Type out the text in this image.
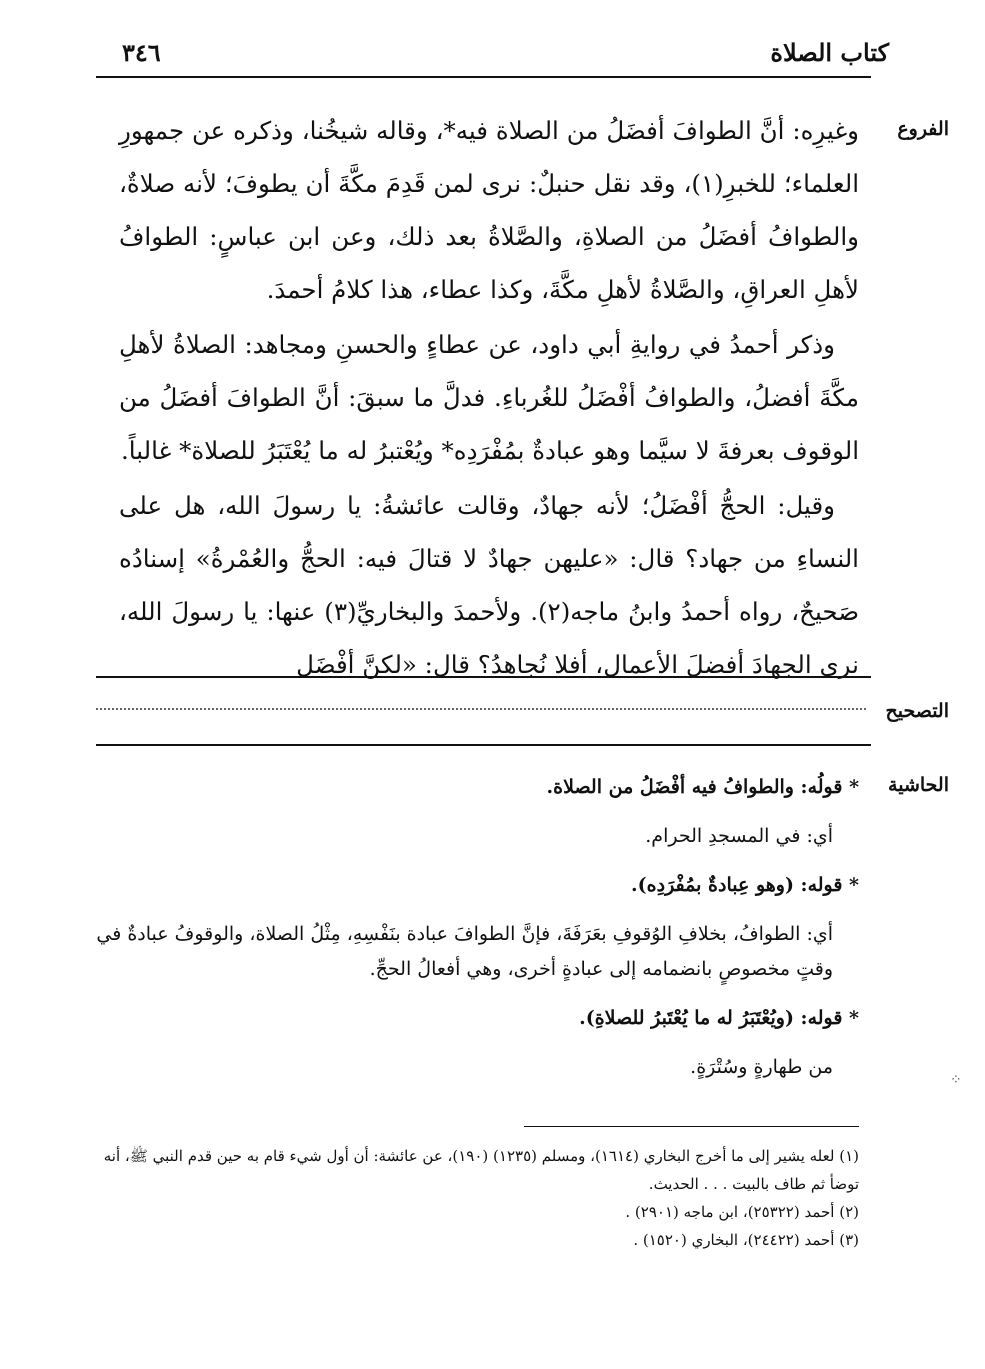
كتاب الصلاة
٣٤٦
الفروع

وغيرِه: أنَّ الطوافَ أفضَلُ من الصلاة فيه*، وقاله شيخُنا، وذكره عن جمهورِ العلماء؛ للخبرِ(١)، وقد نقل حنبلٌ: نرى لمن قَدِمَ مكَّةَ أن يطوفَ؛ لأنه صلاةٌ، والطوافُ أفضَلُ من الصلاةِ، والصَّلاةُ بعد ذلك، وعن ابن عباسٍ: الطوافُ لأهلِ العراقِ، والصَّلاةُ لأهلِ مكَّةَ، وكذا عطاء، هذا كلامُ أحمدَ.

وذكر أحمدُ في روايةِ أبي داود، عن عطاءٍ والحسنِ ومجاهد: الصلاةُ لأهلِ مكَّةَ أفضلُ، والطوافُ أفْضَلُ للغُرباءِ. فدلَّ ما سبقَ: أنَّ الطوافَ أفضَلُ من الوقوف بعرفةَ لا سيَّما وهو عبادةٌ بمُفْرَدِه* ويُعْتبرُ له ما يُعْتَبَرُ للصلاة* غالباً.

وقيل: الحجُّ أفْضَلُ؛ لأنه جهادٌ، وقالت عائشةُ: يا رسولَ الله، هل على النساءِ من جهاد؟ قال: «عليهن جهادٌ لا قتالَ فيه: الحجُّ والعُمْرةُ» إسنادُه صَحيحٌ، رواه أحمدُ وابنُ ماجه(٢). ولأحمدَ والبخاريِّ(٣) عنها: يا رسولَ الله، نرى الجهادَ أفضلَ الأعمال، أفلا نُجاهدُ؟ قال: «لكنَّ أفْضَل

التصحيح
الحاشية

* قولُه: والطوافُ فيه أفْضَلُ من الصلاة.

أي: في المسجدِ الحرام.

* قوله: (وهو عِبادةٌ بمُفْرَدِه).

أي: الطوافُ، بخلافِ الوُقوفِ بعَرَفَةَ، فإنَّ الطوافَ عبادة بنَفْسِهِ، مِثْلُ الصلاة، والوقوفُ عبادةٌ في وقتٍ مخصوصٍ بانضمامه إلى عبادةٍ أخرى، وهي أفعالُ الحجِّ.

* قوله: (ويُعْتَبَرُ له ما يُعْتَبرُ للصلاةِ).

من طهارةٍ وسُتْرَةٍ.

(١) لعله يشير إلى ما أخرج البخاري (١٦١٤)، ومسلم (١٢٣٥) (١٩٠)، عن عائشة: أن أول شيء قام به حين قدم النبي ﷺ، أنه توضأ ثم طاف بالبيت . . . الحديث.

(٢) أحمد (٢٥٣٢٢)، ابن ماجه (٢٩٠١) .

(٣) أحمد (٢٤٤٢٢)، البخاري (١٥٢٠) .

⁘
